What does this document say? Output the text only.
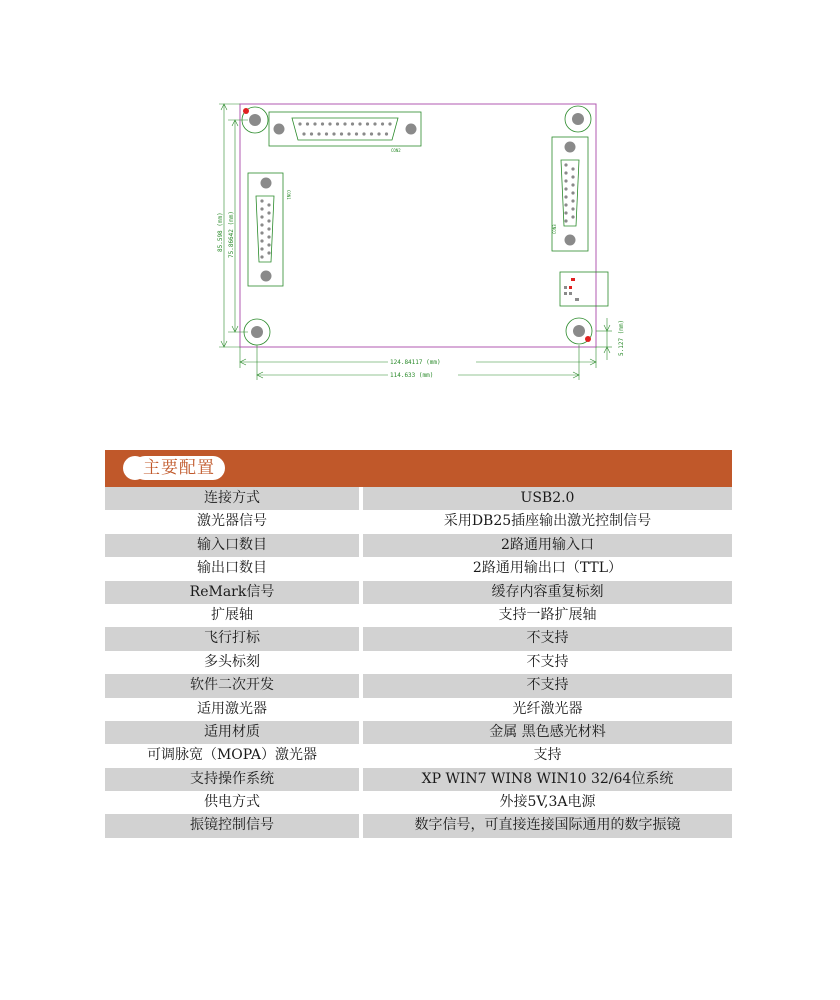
CON2
CON1
CON3
85.598 (mm) 75.86642 (mm)
124.84117 (mm)
114.633 (mm)
5.127 (mm)
主要配置
连接方式	USB2.0
激光器信号	采用DB25插座输出激光控制信号
输入口数目	2路通用输入口
输出口数目	2路通用输出口（TTL）
ReMark信号	缓存内容重复标刻
扩展轴	支持一路扩展轴
飞行打标	不支持
多头标刻	不支持
软件二次开发	不支持
适用激光器	光纤激光器
适用材质	金属 黑色感光材料
可调脉宽（MOPA）激光器	支持
支持操作系统	XP WIN7 WIN8 WIN10 32/64位系统
供电方式	外接5V,3A电源
振镜控制信号	数字信号，可直接连接国际通用的数字振镜
